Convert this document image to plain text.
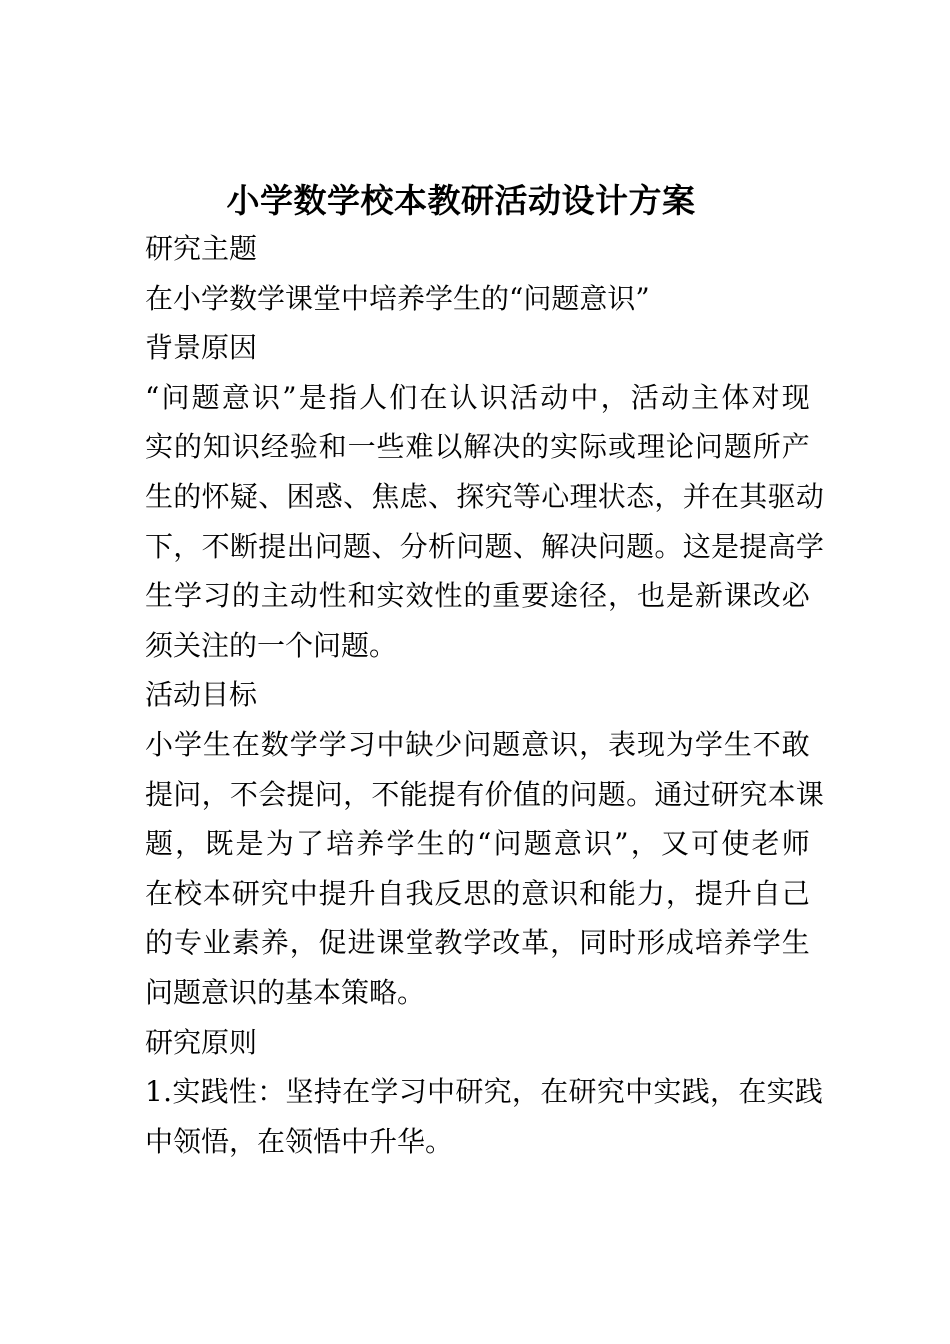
小学数学校本教研活动设计方案
研究主题
在小学数学课堂中培养学生的“问题意识”
背景原因
“问题意识”是指人们在认识活动中，活动主体对现
实的知识经验和一些难以解决的实际或理论问题所产
生的怀疑、困惑、焦虑、探究等心理状态，并在其驱动
下，不断提出问题、分析问题、解决问题。这是提高学
生学习的主动性和实效性的重要途径，也是新课改必
须关注的一个问题。
活动目标
小学生在数学学习中缺少问题意识，表现为学生不敢
提问，不会提问，不能提有价值的问题。通过研究本课
题，既是为了培养学生的“问题意识”，又可使老师
在校本研究中提升自我反思的意识和能力，提升自己
的专业素养，促进课堂教学改革，同时形成培养学生
问题意识的基本策略。
研究原则
1.实践性：坚持在学习中研究，在研究中实践，在实践
中领悟，在领悟中升华。
